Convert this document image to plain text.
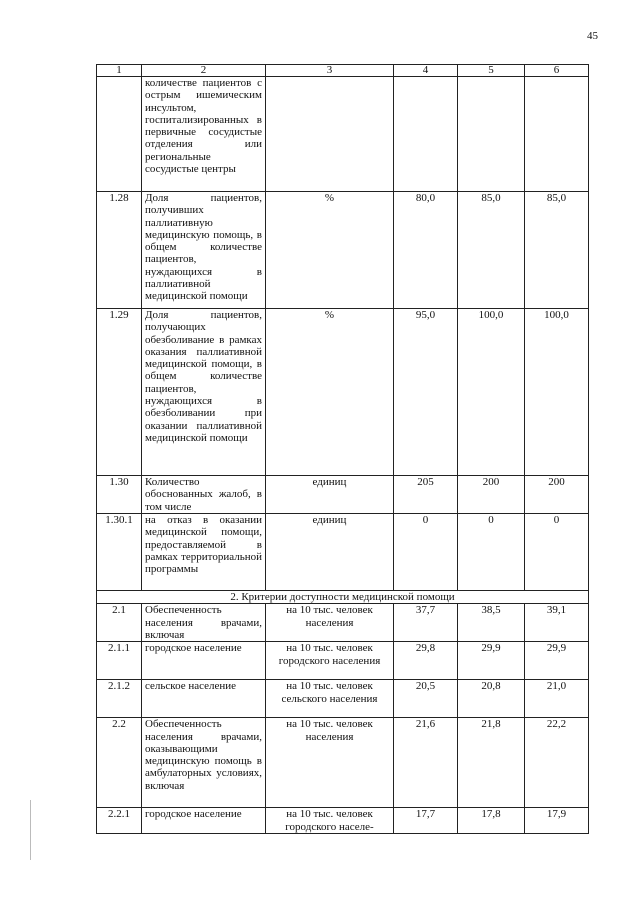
45
1	2	3	4	5	6
	количестве пациентов с острым ишемическим инсультом, госпитализированных в первичные сосудистые отделения или региональные сосудистые центры				
1.28	Доля пациентов, получивших паллиативную медицинскую помощь, в общем количестве пациентов, нуждающихся в паллиативной медицинской помощи	%	80,0	85,0	85,0
1.29	Доля пациентов, получающих обезболивание в рамках оказания паллиативной медицинской помощи, в общем количестве пациентов, нуждающихся в обезболивании при оказании паллиативной медицинской помощи	%	95,0	100,0	100,0
1.30	Количество обоснованных жалоб, в том числе	единиц	205	200	200
1.30.1	на отказ в оказании медицинской помощи, предоставляемой в рамках территориальной программы	единиц	0	0	0
2. Критерии доступности медицинской помощи					
2.1	Обеспеченность населения врачами, включая	на 10 тыс. человек населения	37,7	38,5	39,1
2.1.1	городское население	на 10 тыс. человек городского населения	29,8	29,9	29,9
2.1.2	сельское население	на 10 тыс. человек сельского населения	20,5	20,8	21,0
2.2	Обеспеченность населения врачами, оказывающими медицинскую помощь в амбулаторных условиях, включая	на 10 тыс. человек населения	21,6	21,8	22,2
2.2.1	городское население	на 10 тыс. человек городского населе-	17,7	17,8	17,9
